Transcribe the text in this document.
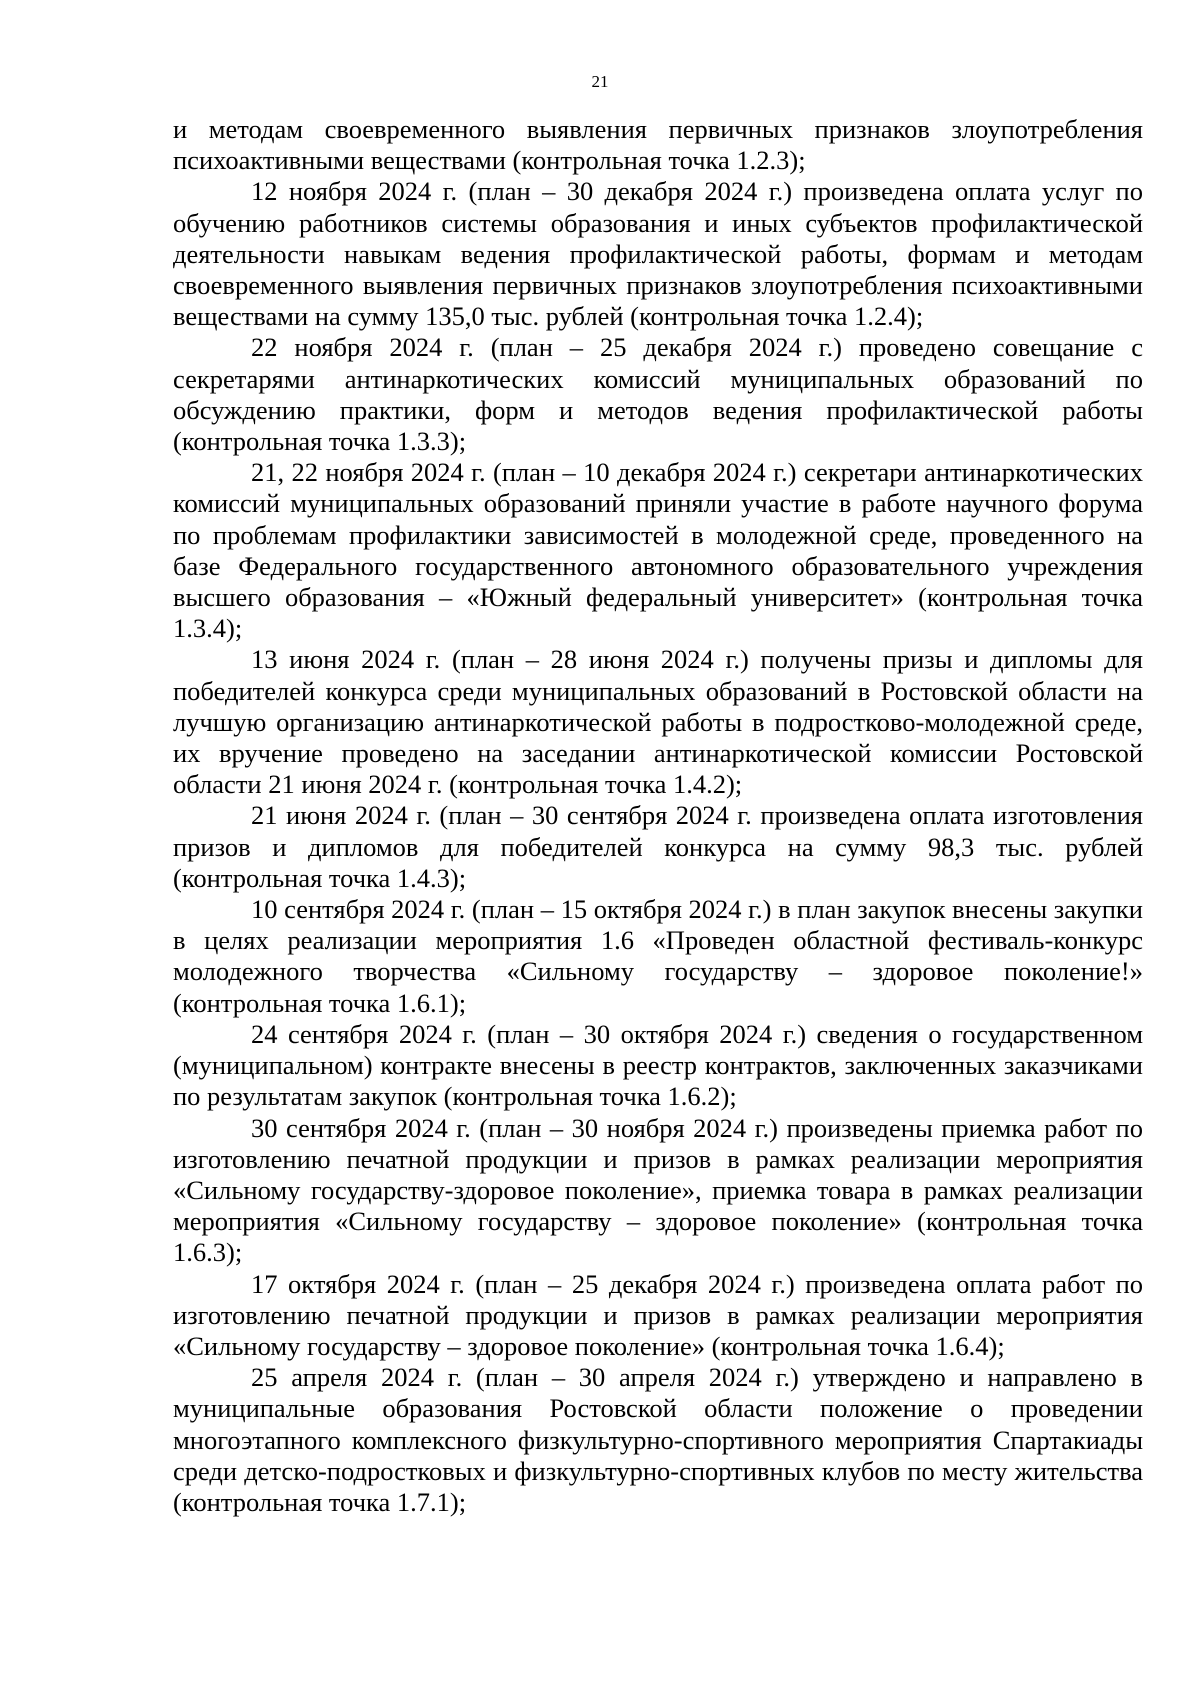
21

и методам своевременного выявления первичных признаков злоупотребления психоактивными веществами (контрольная точка 1.2.3);

12 ноября 2024 г. (план – 30 декабря 2024 г.) произведена оплата услуг по обучению работников системы образования и иных субъектов профилактической деятельности навыкам ведения профилактической работы, формам и методам своевременного выявления первичных признаков злоупотребления психоактивными веществами на сумму 135,0 тыс. рублей (контрольная точка 1.2.4);

22 ноября 2024 г. (план – 25 декабря 2024 г.) проведено совещание с секретарями антинаркотических комиссий муниципальных образований по обсуждению практики, форм и методов ведения профилактической работы (контрольная точка 1.3.3);

21, 22 ноября 2024 г. (план – 10 декабря 2024 г.) секретари антинаркотических комиссий муниципальных образований приняли участие в работе научного форума по проблемам профилактики зависимостей в молодежной среде, проведенного на базе Федерального государственного автономного образовательного учреждения высшего образования – «Южный федеральный университет» (контрольная точка 1.3.4);

13 июня 2024 г. (план – 28 июня 2024 г.) получены призы и дипломы для победителей конкурса среди муниципальных образований в Ростовской области на лучшую организацию антинаркотической работы в подростково-молодежной среде, их вручение проведено на заседании антинаркотической комиссии Ростовской области 21 июня 2024 г. (контрольная точка 1.4.2);

21 июня 2024 г. (план – 30 сентября 2024 г. произведена оплата изготовления призов и дипломов для победителей конкурса на сумму 98,3 тыс. рублей (контрольная точка 1.4.3);

10 сентября 2024 г. (план – 15 октября 2024 г.) в план закупок внесены закупки в целях реализации мероприятия 1.6 «Проведен областной фестиваль-конкурс молодежного творчества «Сильному государству – здоровое поколение!» (контрольная точка 1.6.1);

24 сентября 2024 г. (план – 30 октября 2024 г.) сведения о государственном (муниципальном) контракте внесены в реестр контрактов, заключенных заказчиками по результатам закупок (контрольная точка 1.6.2);

30 сентября 2024 г. (план – 30 ноября 2024 г.) произведены приемка работ по изготовлению печатной продукции и призов в рамках реализации мероприятия «Сильному государству-здоровое поколение», приемка товара в рамках реализации мероприятия «Сильному государству – здоровое поколение» (контрольная точка 1.6.3);

17 октября 2024 г. (план – 25 декабря 2024 г.) произведена оплата работ по изготовлению печатной продукции и призов в рамках реализации мероприятия «Сильному государству – здоровое поколение» (контрольная точка 1.6.4);

25 апреля 2024 г. (план – 30 апреля 2024 г.) утверждено и направлено в муниципальные образования Ростовской области положение о проведении многоэтапного комплексного физкультурно-спортивного мероприятия Спартакиады среди детско-подростковых и физкультурно-спортивных клубов по месту жительства (контрольная точка 1.7.1);
